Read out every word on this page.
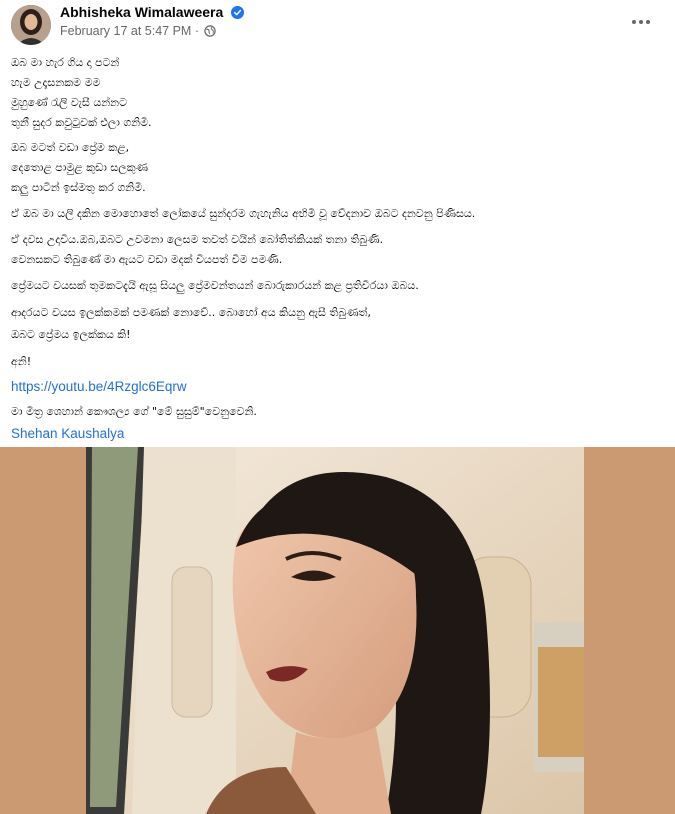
Abhisheka Wimalaweera
February 17 at 5:47 PM ·
ඔබ මා හැර ගිය දා පටන්
හැම උදෑසනකම මම
මුහුණේ රැලි වැසී යන්නට
තුනී සුදර කවුටුවක් එලා ගනිමි.
ඔබ මටත් වඩා ප්‍රේම කළ,
දෙතොළ පාමුළ කුඩා සලකුණ
කලු පාටින් ඉස්මතු කර ගනිමි.
ඒ ඔබ මා යලි දකින මොහොතේ ලෝකයේ සුන්දරම ගැහැනිය අභිමි වූ වේදනාව ඔබට දනවනු පිණිසය.
ඒ දවස උදාවිය.ඔබ,ඔබට උවමනා ලෙසම තවත් වයින් බෝතිත්කියක් තනා තිබුණි.
වෙනසකට තිබුණේ මා ඇයට වඩා මදක් වියපත් වීම පමණි.
ප්‍රේමයට වයසක් තුමකටදැයි ඇසූ සියලු ප්‍රේමවන්තයන් බොරුකාරයන් කළ ප්‍රතිවීරයා ඔබය.
ආදරයට වයස ඉලක්කමක් පමණක් නොවේ.. බොහෝ අය කියනු ඇසී තිබුණත්,
ඔබට ප්‍රේමය ඉලක්කය කි!
අනි!
https://youtu.be/4Rzglc6Eqrw
මා මිත්‍ර ශෙහාන් කෞශල්‍ය ගේ "මේ සුසුම්"වෙනුවෙනි.
Shehan Kaushalya
